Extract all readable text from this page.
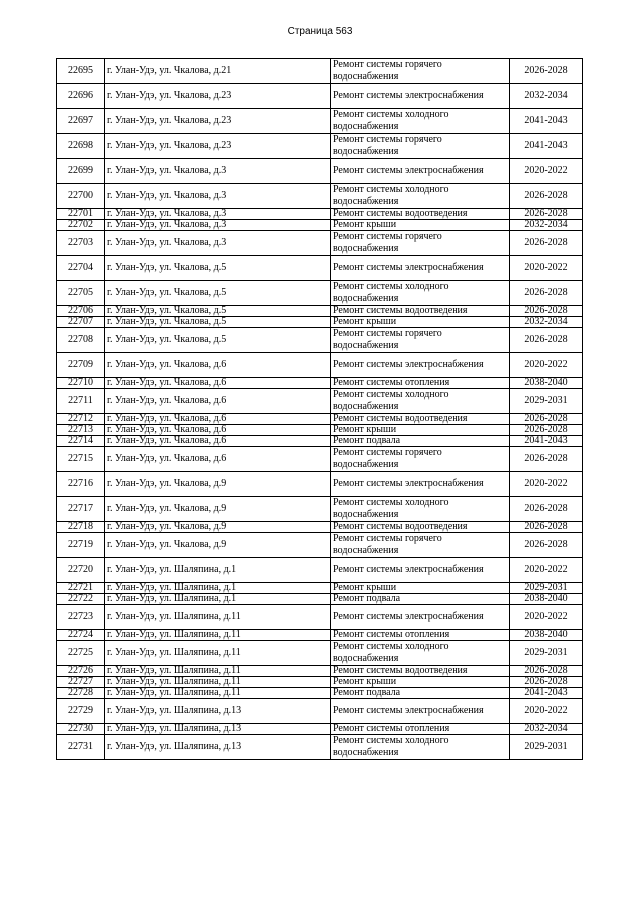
Страница 563
22695	г. Улан-Удэ, ул. Чкалова, д.21	Ремонт системы горячего водоснабжения	2026-2028
22696	г. Улан-Удэ, ул. Чкалова, д.23	Ремонт системы электроснабжения	2032-2034
22697	г. Улан-Удэ, ул. Чкалова, д.23	Ремонт системы холодного водоснабжения	2041-2043
22698	г. Улан-Удэ, ул. Чкалова, д.23	Ремонт системы горячего водоснабжения	2041-2043
22699	г. Улан-Удэ, ул. Чкалова, д.3	Ремонт системы электроснабжения	2020-2022
22700	г. Улан-Удэ, ул. Чкалова, д.3	Ремонт системы холодного водоснабжения	2026-2028
22701	г. Улан-Удэ, ул. Чкалова, д.3	Ремонт системы водоотведения	2026-2028
22702	г. Улан-Удэ, ул. Чкалова, д.3	Ремонт крыши	2032-2034
22703	г. Улан-Удэ, ул. Чкалова, д.3	Ремонт системы горячего водоснабжения	2026-2028
22704	г. Улан-Удэ, ул. Чкалова, д.5	Ремонт системы электроснабжения	2020-2022
22705	г. Улан-Удэ, ул. Чкалова, д.5	Ремонт системы холодного водоснабжения	2026-2028
22706	г. Улан-Удэ, ул. Чкалова, д.5	Ремонт системы водоотведения	2026-2028
22707	г. Улан-Удэ, ул. Чкалова, д.5	Ремонт крыши	2032-2034
22708	г. Улан-Удэ, ул. Чкалова, д.5	Ремонт системы горячего водоснабжения	2026-2028
22709	г. Улан-Удэ, ул. Чкалова, д.6	Ремонт системы электроснабжения	2020-2022
22710	г. Улан-Удэ, ул. Чкалова, д.6	Ремонт системы отопления	2038-2040
22711	г. Улан-Удэ, ул. Чкалова, д.6	Ремонт системы холодного водоснабжения	2029-2031
22712	г. Улан-Удэ, ул. Чкалова, д.6	Ремонт системы водоотведения	2026-2028
22713	г. Улан-Удэ, ул. Чкалова, д.6	Ремонт крыши	2026-2028
22714	г. Улан-Удэ, ул. Чкалова, д.6	Ремонт подвала	2041-2043
22715	г. Улан-Удэ, ул. Чкалова, д.6	Ремонт системы горячего водоснабжения	2026-2028
22716	г. Улан-Удэ, ул. Чкалова, д.9	Ремонт системы электроснабжения	2020-2022
22717	г. Улан-Удэ, ул. Чкалова, д.9	Ремонт системы холодного водоснабжения	2026-2028
22718	г. Улан-Удэ, ул. Чкалова, д.9	Ремонт системы водоотведения	2026-2028
22719	г. Улан-Удэ, ул. Чкалова, д.9	Ремонт системы горячего водоснабжения	2026-2028
22720	г. Улан-Удэ, ул. Шаляпина, д.1	Ремонт системы электроснабжения	2020-2022
22721	г. Улан-Удэ, ул. Шаляпина, д.1	Ремонт крыши	2029-2031
22722	г. Улан-Удэ, ул. Шаляпина, д.1	Ремонт подвала	2038-2040
22723	г. Улан-Удэ, ул. Шаляпина, д.11	Ремонт системы электроснабжения	2020-2022
22724	г. Улан-Удэ, ул. Шаляпина, д.11	Ремонт системы отопления	2038-2040
22725	г. Улан-Удэ, ул. Шаляпина, д.11	Ремонт системы холодного водоснабжения	2029-2031
22726	г. Улан-Удэ, ул. Шаляпина, д.11	Ремонт системы водоотведения	2026-2028
22727	г. Улан-Удэ, ул. Шаляпина, д.11	Ремонт крыши	2026-2028
22728	г. Улан-Удэ, ул. Шаляпина, д.11	Ремонт подвала	2041-2043
22729	г. Улан-Удэ, ул. Шаляпина, д.13	Ремонт системы электроснабжения	2020-2022
22730	г. Улан-Удэ, ул. Шаляпина, д.13	Ремонт системы отопления	2032-2034
22731	г. Улан-Удэ, ул. Шаляпина, д.13	Ремонт системы холодного водоснабжения	2029-2031
